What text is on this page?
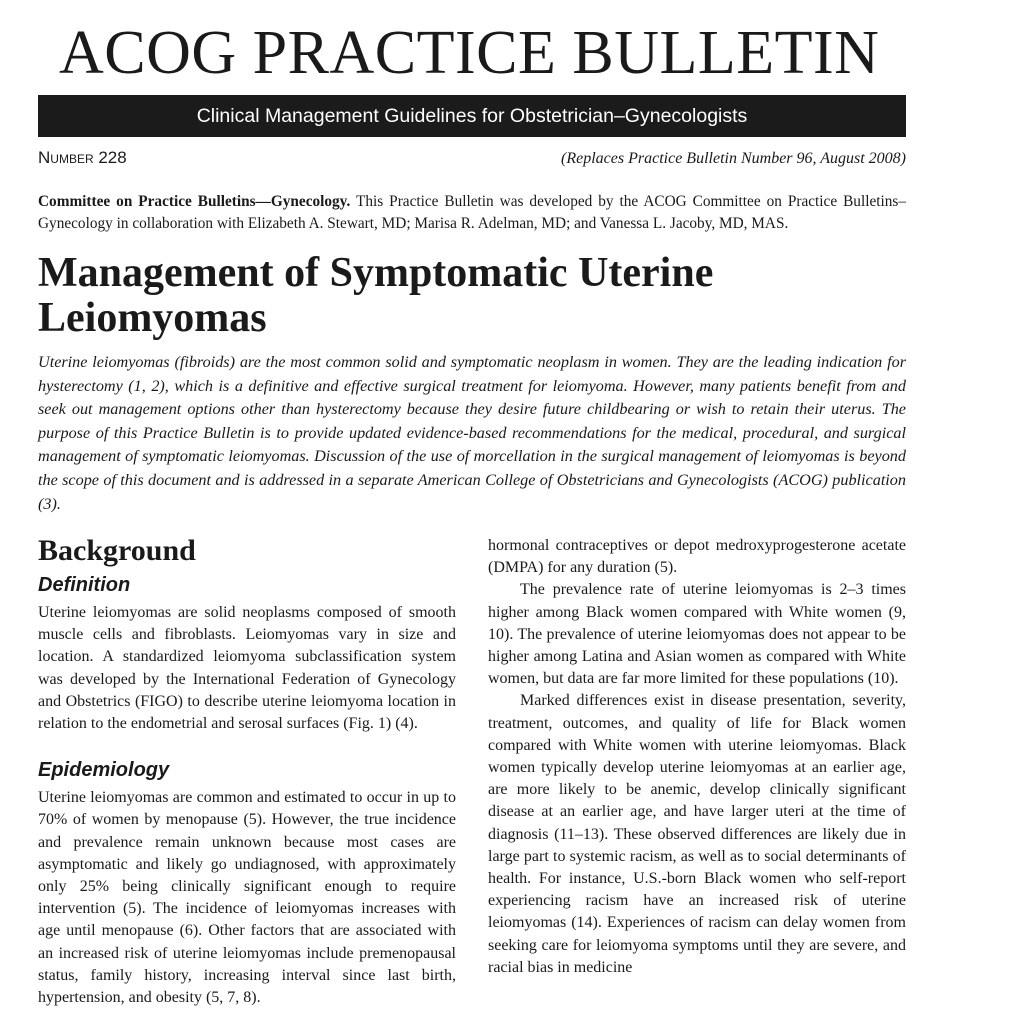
ACOG PRACTICE BULLETIN
Clinical Management Guidelines for Obstetrician–Gynecologists
Number 228	(Replaces Practice Bulletin Number 96, August 2008)
Committee on Practice Bulletins—Gynecology. This Practice Bulletin was developed by the ACOG Committee on Practice Bulletins–Gynecology in collaboration with Elizabeth A. Stewart, MD; Marisa R. Adelman, MD; and Vanessa L. Jacoby, MD, MAS.
Management of Symptomatic Uterine Leiomyomas
Uterine leiomyomas (fibroids) are the most common solid and symptomatic neoplasm in women. They are the leading indication for hysterectomy (1, 2), which is a definitive and effective surgical treatment for leiomyoma. However, many patients benefit from and seek out management options other than hysterectomy because they desire future childbearing or wish to retain their uterus. The purpose of this Practice Bulletin is to provide updated evidence-based recommendations for the medical, procedural, and surgical management of symptomatic leiomyomas. Discussion of the use of morcellation in the surgical management of leiomyomas is beyond the scope of this document and is addressed in a separate American College of Obstetricians and Gynecologists (ACOG) publication (3).
Background
Definition

Uterine leiomyomas are solid neoplasms composed of smooth muscle cells and fibroblasts. Leiomyomas vary in size and location. A standardized leiomyoma subclassification system was developed by the International Federation of Gynecology and Obstetrics (FIGO) to describe uterine leiomyoma location in relation to the endometrial and serosal surfaces (Fig. 1) (4).

Epidemiology

Uterine leiomyomas are common and estimated to occur in up to 70% of women by menopause (5). However, the true incidence and prevalence remain unknown because most cases are asymptomatic and likely go undiagnosed, with approximately only 25% being clinically significant enough to require intervention (5). The incidence of leiomyomas increases with age until menopause (6). Other factors that are associated with an increased risk of uterine leiomyomas include premenopausal status, family history, increasing interval since last birth, hypertension, and obesity (5, 7, 8).

hormonal contraceptives or depot medroxyprogesterone acetate (DMPA) for any duration (5).

The prevalence rate of uterine leiomyomas is 2–3 times higher among Black women compared with White women (9, 10). The prevalence of uterine leiomyomas does not appear to be higher among Latina and Asian women as compared with White women, but data are far more limited for these populations (10).

Marked differences exist in disease presentation, severity, treatment, outcomes, and quality of life for Black women compared with White women with uterine leiomyomas. Black women typically develop uterine leiomyomas at an earlier age, are more likely to be anemic, develop clinically significant disease at an earlier age, and have larger uteri at the time of diagnosis (11–13). These observed differences are likely due in large part to systemic racism, as well as to social determinants of health. For instance, U.S.-born Black women who self-report experiencing racism have an increased risk of uterine leiomyomas (14). Experiences of racism can delay women from seeking care for leiomyoma symptoms until they are severe, and racial bias in medicine
